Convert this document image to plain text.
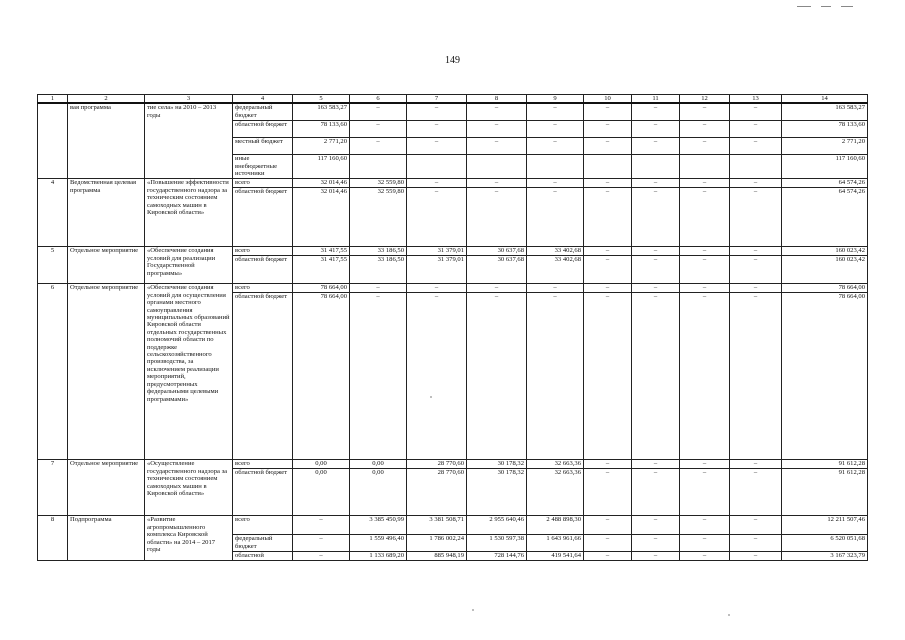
149
1	2	3	4	5	6	7	8	9	10	11	12	13	14
	вая программа	тие села» на 2010 – 2013 годы	федеральный бюджет	163 583,27	–	–	–	–	–	–	–	–	163 583,27
			областной бюджет	78 133,60	–	–	–	–	–	–	–	–	78 133,60
			местный бюджет	2 771,20	–	–	–	–	–	–	–	–	2 771,20
			иные внебюджетные источники	117 160,60									117 160,60
4	Ведомственная целевая программа	«Повышение эффективности государственного надзора за техническим состоянием самоходных машин в Кировской области»	всего	32 014,46	32 559,80	–	–	–	–	–	–	–	64 574,26
			областной бюджет	32 014,46	32 559,80	–	–	–	–	–	–	–	64 574,26
5	Отдельное мероприятие	«Обеспечение создания условий для реализации Государственной программы»	всего	31 417,55	33 186,50	31 379,01	30 637,68	33 402,68	–	–	–	–	160 023,42
			областной бюджет	31 417,55	33 186,50	31 379,01	30 637,68	33 402,68	–	–	–	–	160 023,42
6	Отдельное мероприятие	«Обеспечение создания условий для осуществления органами местного самоуправления муниципальных образований Кировской области отдельных государственных полномочий области по поддержке сельскохозяйственного производства, за исключением реализации мероприятий, предусмотренных федеральными целевыми программами»	всего	78 664,00	–	–	–	–	–	–	–	–	78 664,00
			областной бюджет	78 664,00	–	–	–	–	–	–	–	–	78 664,00
7	Отдельное мероприятие	«Осуществление государственного надзора за техническим состоянием самоходных машин в Кировской области»	всего	0,00	0,00	28 770,60	30 178,32	32 663,36	–	–	–	–	91 612,28
			областной бюджет	0,00	0,00	28 770,60	30 178,32	32 663,36	–	–	–	–	91 612,28
8	Подпрограмма	«Развитие агропромышленного комплекса Кировской области» на 2014 – 2017 годы	всего	–	3 385 450,99	3 381 508,71	2 955 640,46	2 488 898,30	–	–	–	–	12 211 507,46
			федеральный бюджет	–	1 559 496,40	1 786 002,24	1 530 597,38	1 643 961,66	–	–	–	–	6 520 051,68
			областной	–	1 133 689,20	885 948,19	728 144,76	419 541,64	–	–	–	–	3 167 323,79
